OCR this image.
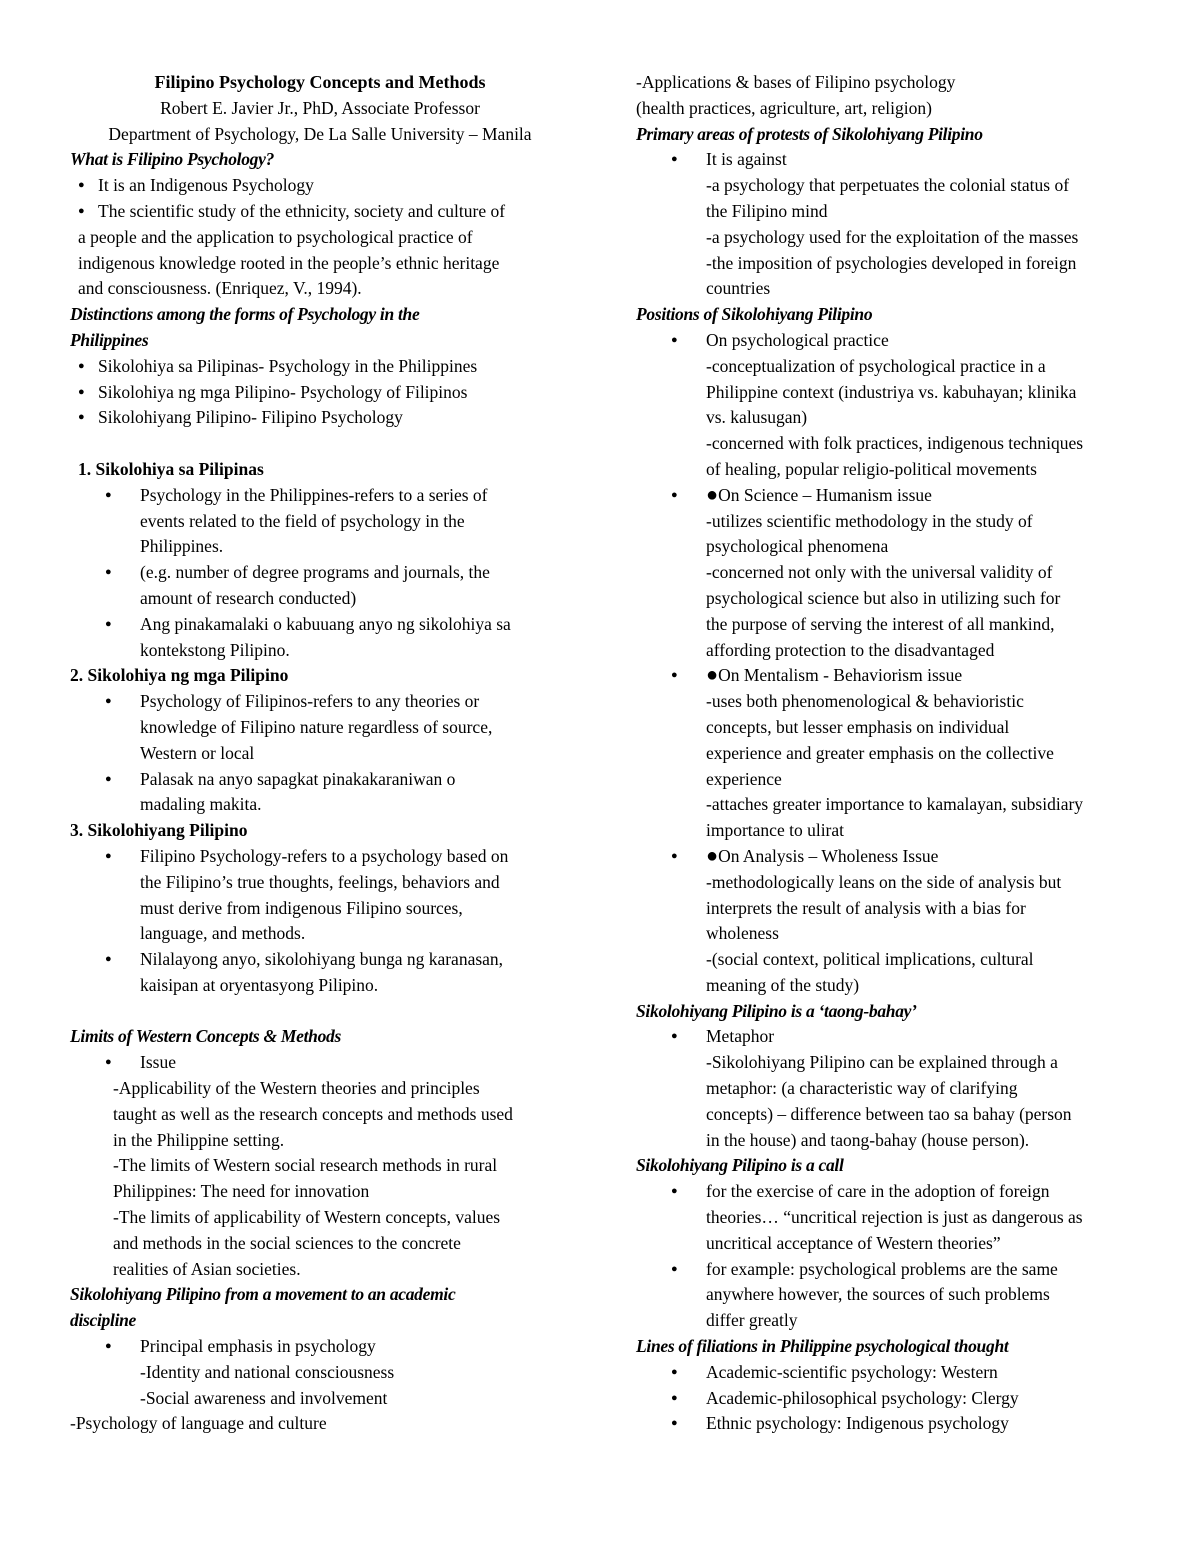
Filipino Psychology Concepts and Methods
Robert E. Javier Jr., PhD, Associate Professor
Department of Psychology, De La Salle University – Manila
What is Filipino Psychology?
● It is an Indigenous Psychology
● The scientific study of the ethnicity, society and culture of
a people and the application to psychological practice of
indigenous knowledge rooted in the people’s ethnic heritage
and consciousness. (Enriquez, V., 1994).
Distinctions among the forms of Psychology in the
Philippines
● Sikolohiya sa Pilipinas- Psychology in the Philippines
● Sikolohiya ng mga Pilipino- Psychology of Filipinos
● Sikolohiyang Pilipino- Filipino Psychology
1. Sikolohiya sa Pilipinas
● Psychology in the Philippines-refers to a series of
events related to the field of psychology in the
Philippines.
● (e.g. number of degree programs and journals, the
amount of research conducted)
● Ang pinakamalaki o kabuuang anyo ng sikolohiya sa
kontekstong Pilipino.
2. Sikolohiya ng mga Pilipino
● Psychology of Filipinos-refers to any theories or
knowledge of Filipino nature regardless of source,
Western or local
● Palasak na anyo sapagkat pinakakaraniwan o
madaling makita.
3. Sikolohiyang Pilipino
● Filipino Psychology-refers to a psychology based on
the Filipino’s true thoughts, feelings, behaviors and
must derive from indigenous Filipino sources,
language, and methods.
● Nilalayong anyo, sikolohiyang bunga ng karanasan,
kaisipan at oryentasyong Pilipino.
Limits of Western Concepts & Methods
● Issue
-Applicability of the Western theories and principles
taught as well as the research concepts and methods used
in the Philippine setting.
-The limits of Western social research methods in rural
Philippines: The need for innovation
-The limits of applicability of Western concepts, values
and methods in the social sciences to the concrete
realities of Asian societies.
Sikolohiyang Pilipino from a movement to an academic
discipline
● Principal emphasis in psychology
-Identity and national consciousness
-Social awareness and involvement
-Psychology of language and culture
-Applications & bases of Filipino psychology
(health practices, agriculture, art, religion)
Primary areas of protests of Sikolohiyang Pilipino
● It is against
-a psychology that perpetuates the colonial status of
the Filipino mind
-a psychology used for the exploitation of the masses
-the imposition of psychologies developed in foreign
countries
Positions of Sikolohiyang Pilipino
● On psychological practice
-conceptualization of psychological practice in a
Philippine context (industriya vs. kabuhayan; klinika
vs. kalusugan)
-concerned with folk practices, indigenous techniques
of healing, popular religio-political movements
● ●On Science – Humanism issue
-utilizes scientific methodology in the study of
psychological phenomena
-concerned not only with the universal validity of
psychological science but also in utilizing such for
the purpose of serving the interest of all mankind,
affording protection to the disadvantaged
● ●On Mentalism - Behaviorism issue
-uses both phenomenological & behavioristic
concepts, but lesser emphasis on individual
experience and greater emphasis on the collective
experience
-attaches greater importance to kamalayan, subsidiary
importance to ulirat
● ●On Analysis – Wholeness Issue
-methodologically leans on the side of analysis but
interprets the result of analysis with a bias for
wholeness
-(social context, political implications, cultural
meaning of the study)
Sikolohiyang Pilipino is a ‘taong-bahay’
● Metaphor
-Sikolohiyang Pilipino can be explained through a
metaphor: (a characteristic way of clarifying
concepts) – difference between tao sa bahay (person
in the house) and taong-bahay (house person).
Sikolohiyang Pilipino is a call
● for the exercise of care in the adoption of foreign
theories… “uncritical rejection is just as dangerous as
uncritical acceptance of Western theories”
● for example: psychological problems are the same
anywhere however, the sources of such problems
differ greatly
Lines of filiations in Philippine psychological thought
● Academic-scientific psychology: Western
● Academic-philosophical psychology: Clergy
● Ethnic psychology: Indigenous psychology
